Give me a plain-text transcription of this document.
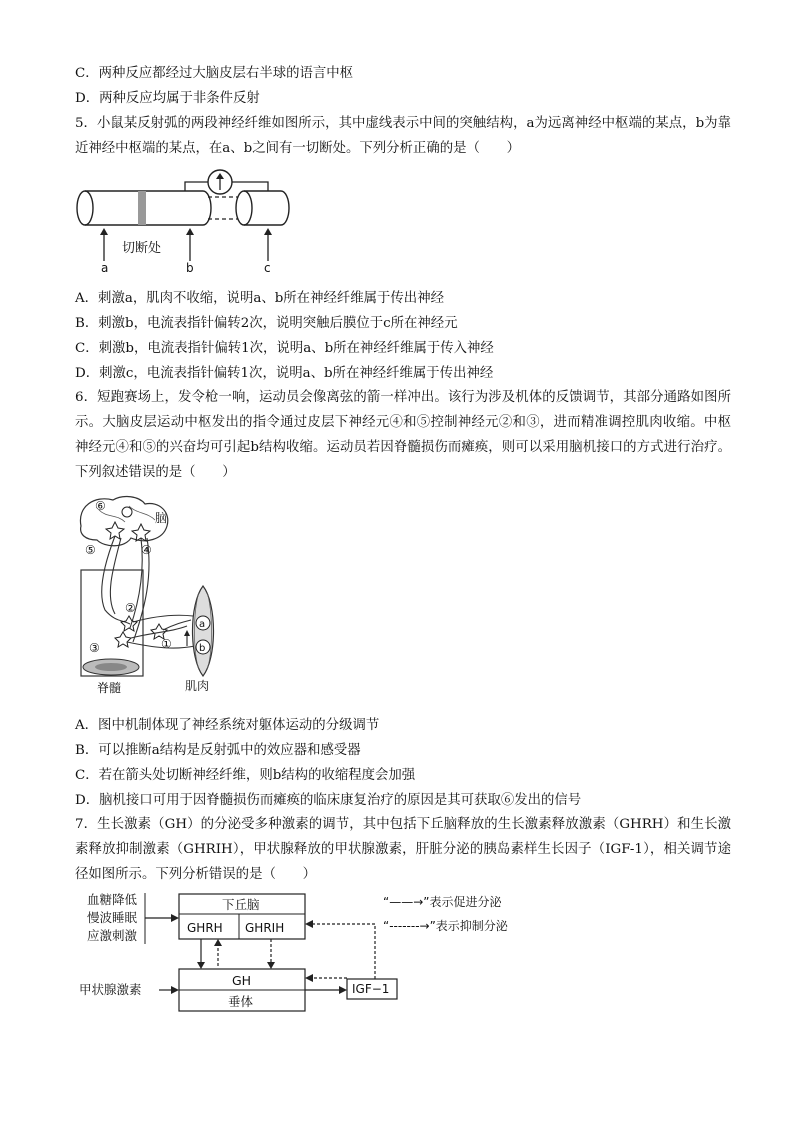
C．两种反应都经过大脑皮层右半球的语言中枢
D．两种反应均属于非条件反射
5．小鼠某反射弧的两段神经纤维如图所示，其中虚线表示中间的突触结构，a为远离神经中枢端的某点，b为靠近神经中枢端的某点，在a、b之间有一切断处。下列分析正确的是（　　）
切断处
a	b	c
A．刺激a，肌肉不收缩，说明a、b所在神经纤维属于传出神经
B．刺激b，电流表指针偏转2次，说明突触后膜位于c所在神经元
C．刺激b，电流表指针偏转1次，说明a、b所在神经纤维属于传入神经
D．刺激c，电流表指针偏转1次，说明a、b所在神经纤维属于传出神经
6．短跑赛场上，发令枪一响，运动员会像离弦的箭一样冲出。该行为涉及机体的反馈调节，其部分通路如图所示。大脑皮层运动中枢发出的指令通过皮层下神经元④和⑤控制神经元②和③，进而精准调控肌肉收缩。中枢神经元④和⑤的兴奋均可引起b结构收缩。运动员若因脊髓损伤而瘫痪，则可以采用脑机接口的方式进行治疗。下列叙述错误的是（　　）
⑥
脑
⑤	④
②
①
③
a
b
脊髓	肌肉
A．图中机制体现了神经系统对躯体运动的分级调节
B．可以推断a结构是反射弧中的效应器和感受器
C．若在箭头处切断神经纤维，则b结构的收缩程度会加强
D．脑机接口可用于因脊髓损伤而瘫痪的临床康复治疗的原因是其可获取⑥发出的信号
7．生长激素（GH）的分泌受多种激素的调节，其中包括下丘脑释放的生长激素释放激素（GHRH）和生长激素释放抑制激素（GHRIH），甲状腺释放的甲状腺激素，肝脏分泌的胰岛素样生长因子（IGF-1），相关调节途径如图所示。下列分析错误的是（　　）
血糖降低
慢波睡眠
应激刺激
下丘脑
GHRH GHRIH
GH
垂体
甲状腺激素	IGF−1
“——→”表示促进分泌
“-------→”表示抑制分泌
